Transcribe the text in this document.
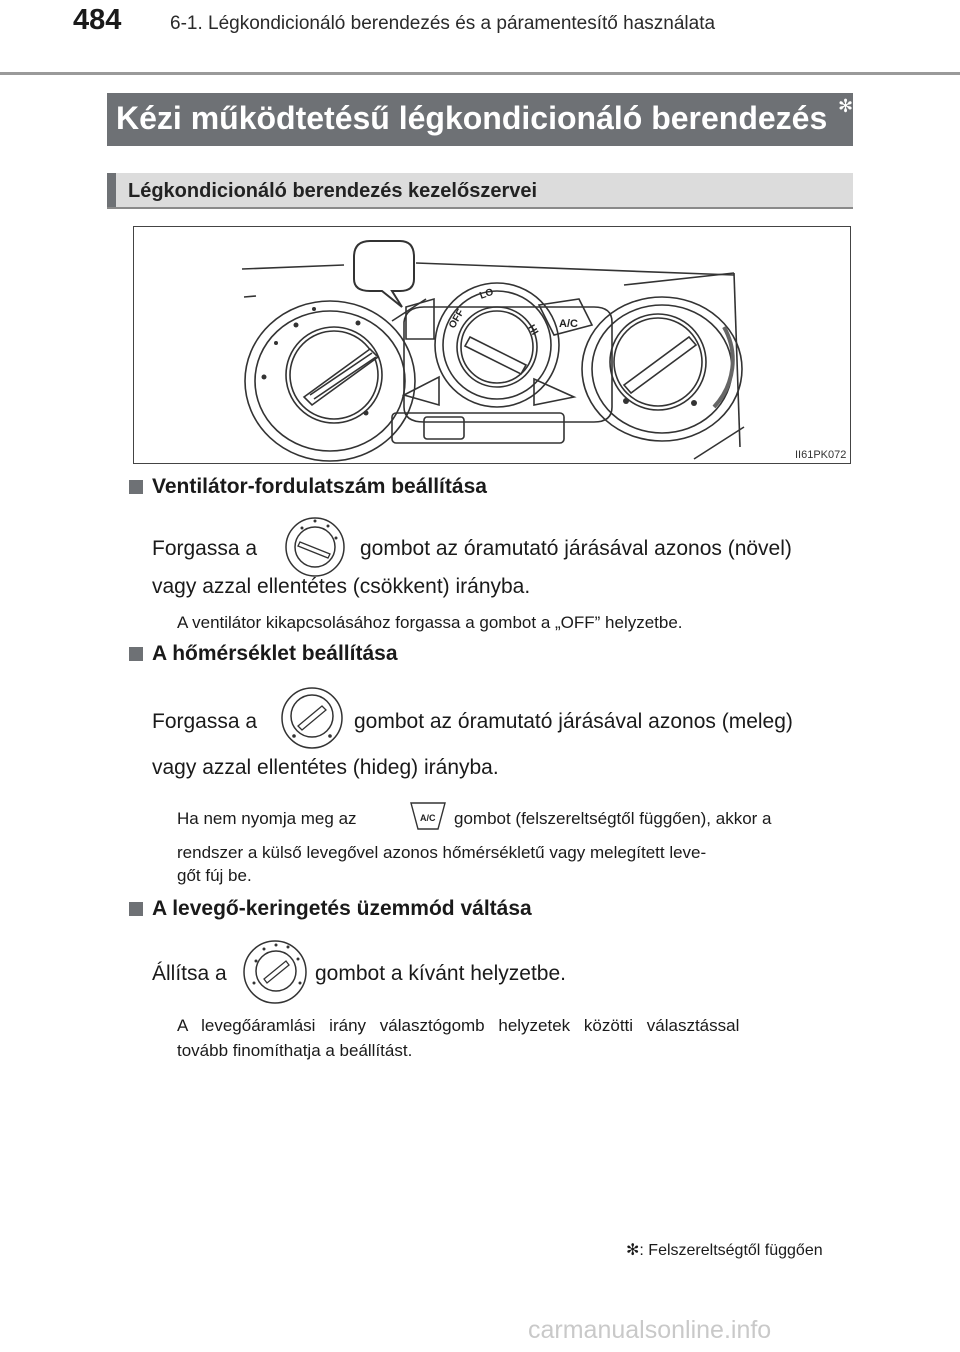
484	6-1. Légkondicionáló berendezés és a páramentesítő használata
Kézi működtetésű légkondicionáló berendezés ✻
Légkondicionáló berendezés kezelőszervei
A/C
OFF
LO
HI
II61PK072
Ventilátor-fordulatszám beállítása
Forgassa a	gombot az óramutató járásával azonos (növel)
vagy azzal ellentétes (csökkent) irányba.
A ventilátor kikapcsolásához forgassa a gombot a „OFF” helyzetbe.
A hőmérséklet beállítása
Forgassa a	gombot az óramutató járásával azonos (meleg)
vagy azzal ellentétes (hideg) irányba.
Ha nem nyomja meg az	A/C gombot (felszereltségtől függően), akkor a
rendszer a külső levegővel azonos hőmérsékletű vagy melegített leve-
gőt fúj be.
A levegő-keringetés üzemmód váltása
Állítsa a	gombot a kívánt helyzetbe.
A levegőáramlási irány választógomb helyzetek közötti választással
tovább finomíthatja a beállítást.
✻: Felszereltségtől függően
carmanualsonline.info
